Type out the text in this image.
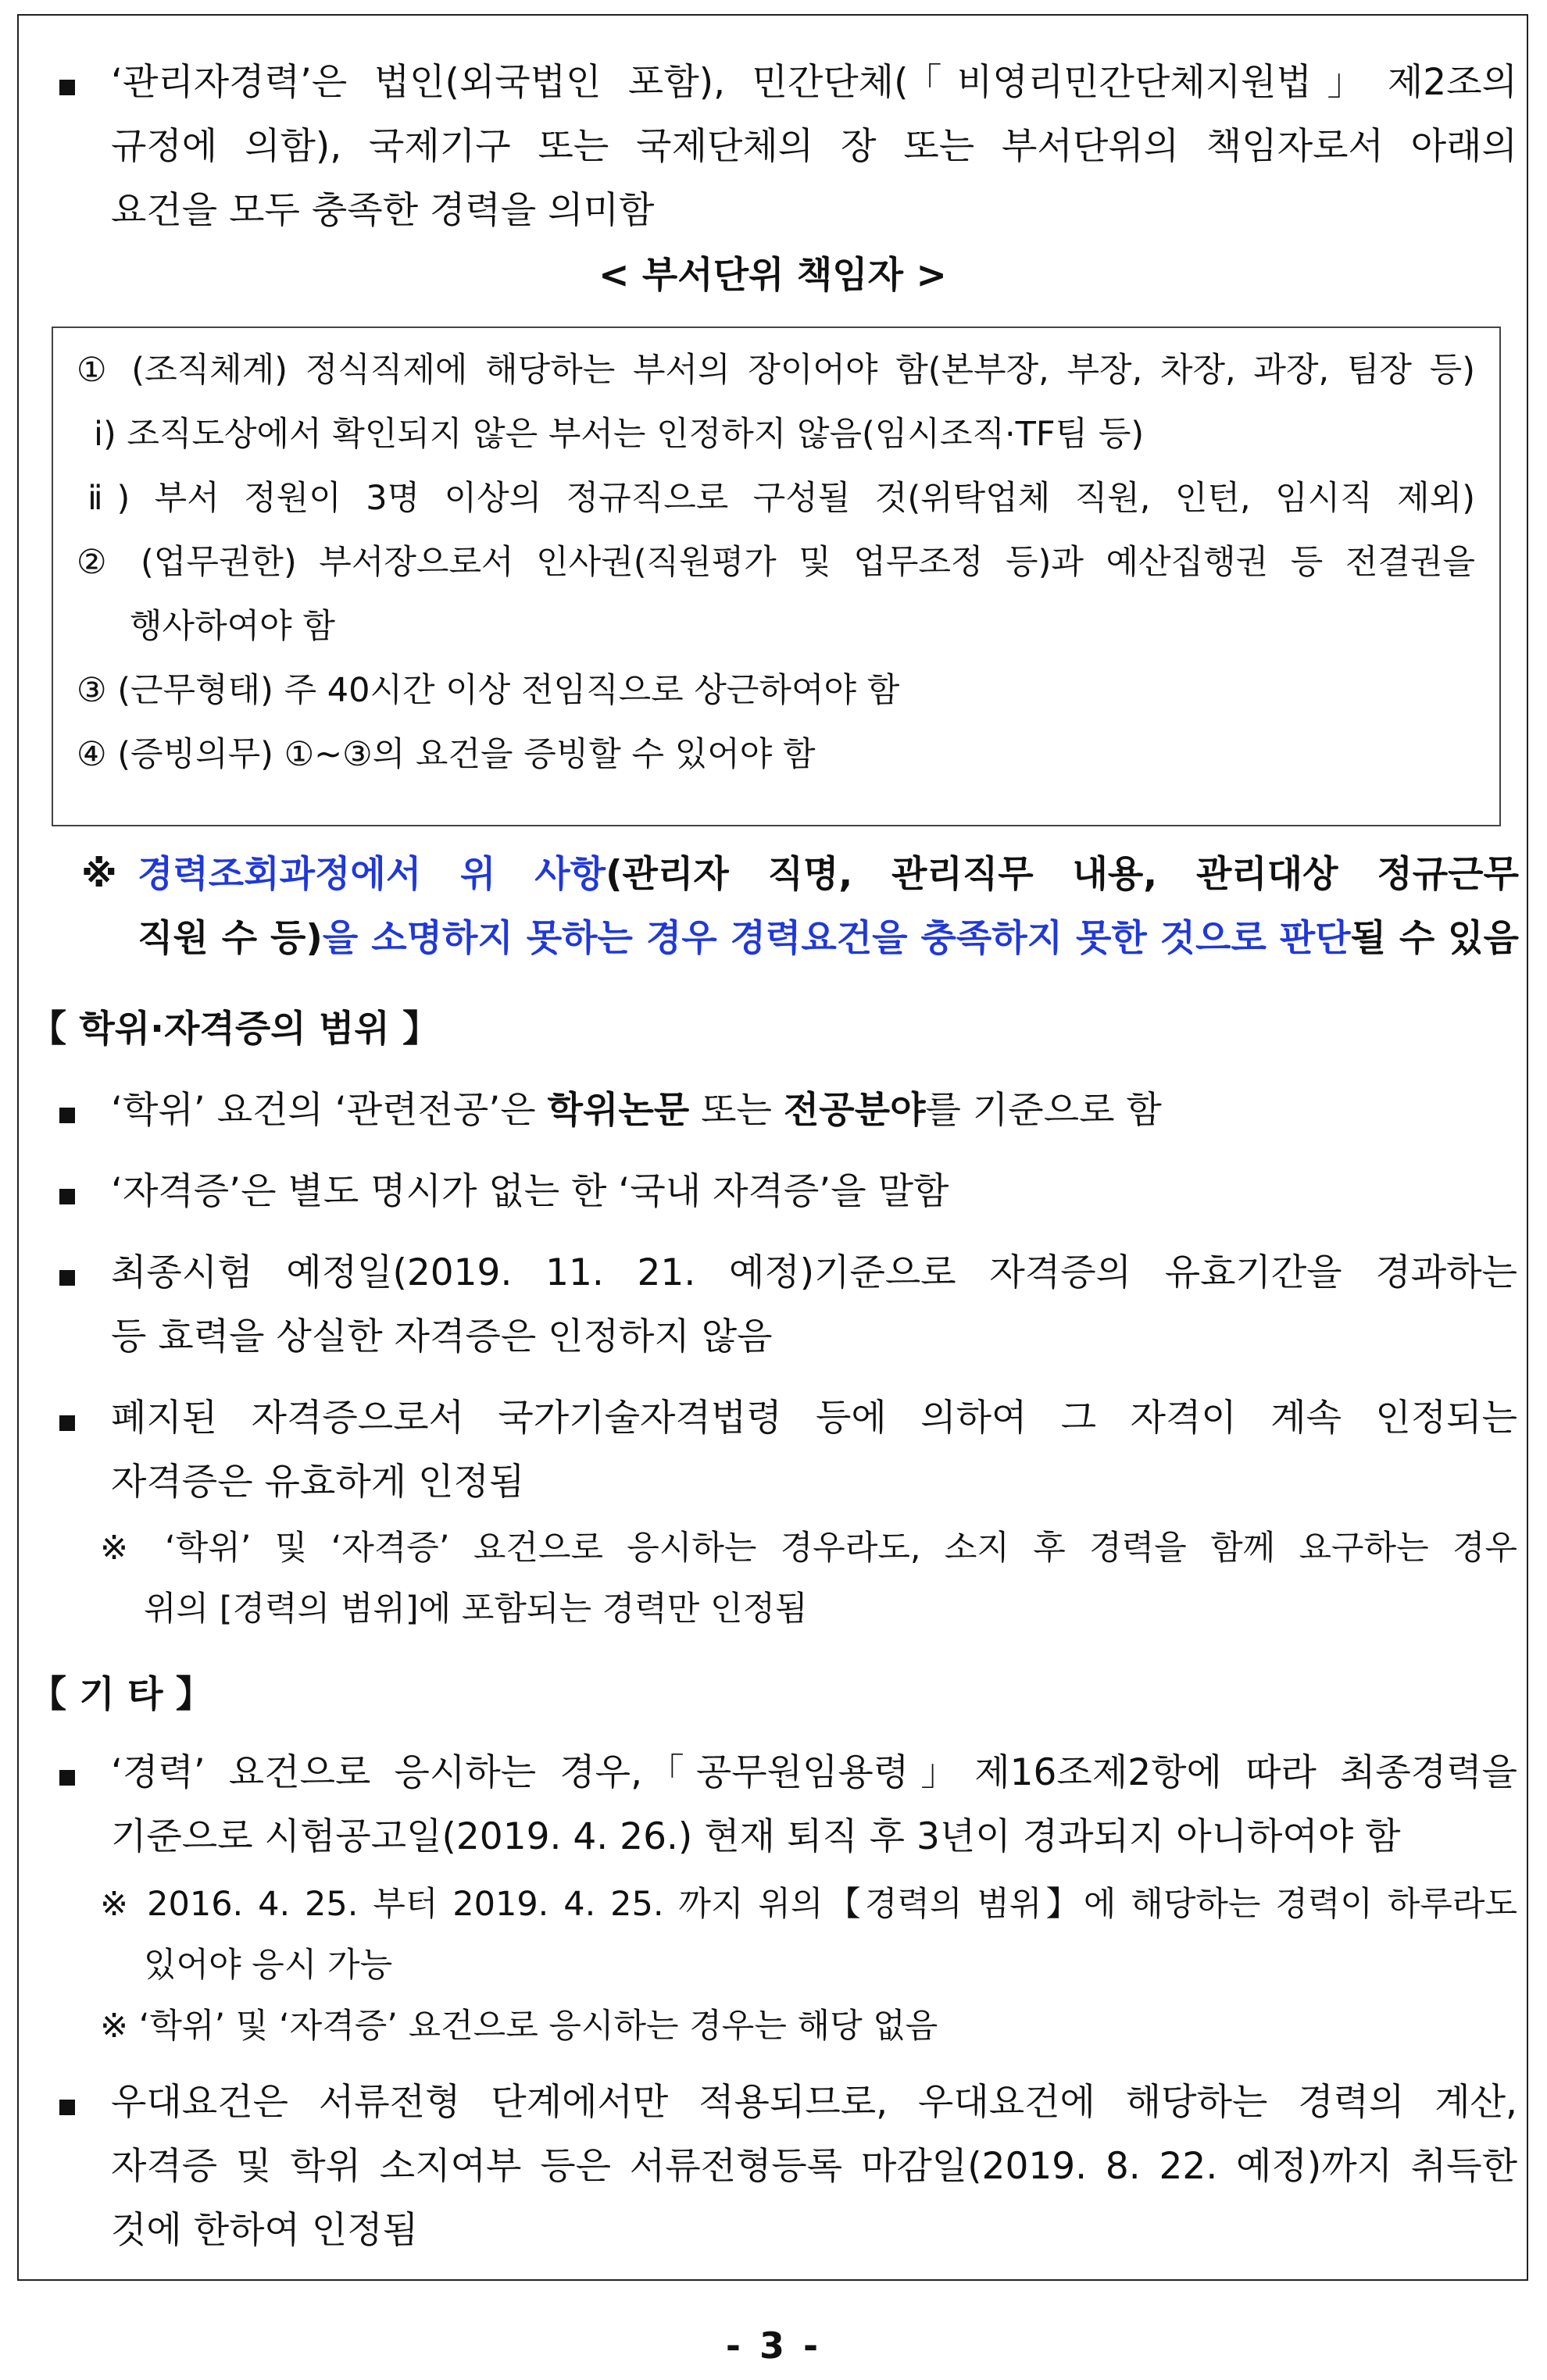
‘관리자경력’은 법인(외국법인 포함), 민간단체(｢비영리민간단체지원법｣ 제2조의
규정에 의함), 국제기구 또는 국제단체의 장 또는 부서단위의 책임자로서 아래의
요건을 모두 충족한 경력을 의미함
< 부서단위 책임자 >
① (조직체계) 정식직제에 해당하는 부서의 장이어야 함(본부장, 부장, 차장, 과장, 팀장 등)
ⅰ) 조직도상에서 확인되지 않은 부서는 인정하지 않음(임시조직·TF팀 등)
ⅱ) 부서 정원이 3명 이상의 정규직으로 구성될 것(위탁업체 직원, 인턴, 임시직 제외)
② (업무권한) 부서장으로서 인사권(직원평가 및 업무조정 등)과 예산집행권 등 전결권을
행사하여야 함
③ (근무형태) 주 40시간 이상 전임직으로 상근하여야 함
④ (증빙의무) ①~③의 요건을 증빙할 수 있어야 함
※ 경력조회과정에서 위 사항(관리자 직명, 관리직무 내용, 관리대상 정규근무
직원 수 등)을 소명하지 못하는 경우 경력요건을 충족하지 못한 것으로 판단될 수 있음
【 학위·자격증의 범위 】
‘학위’ 요건의 ‘관련전공’은 학위논문 또는 전공분야를 기준으로 함
‘자격증’은 별도 명시가 없는 한 ‘국내 자격증’을 말함
최종시험 예정일(2019. 11. 21. 예정)기준으로 자격증의 유효기간을 경과하는
등 효력을 상실한 자격증은 인정하지 않음
폐지된 자격증으로서 국가기술자격법령 등에 의하여 그 자격이 계속 인정되는
자격증은 유효하게 인정됨
※ ‘학위’ 및 ‘자격증’ 요건으로 응시하는 경우라도, 소지 후 경력을 함께 요구하는 경우
위의 [경력의 범위]에 포함되는 경력만 인정됨
【 기 타 】
‘경력’ 요건으로 응시하는 경우, ｢공무원임용령｣ 제16조제2항에 따라 최종경력을
기준으로 시험공고일(2019. 4. 26.) 현재 퇴직 후 3년이 경과되지 아니하여야 함
※ 2016. 4. 25. 부터 2019. 4. 25. 까지 위의【경력의 범위】에 해당하는 경력이 하루라도
있어야 응시 가능
※ ‘학위’ 및 ‘자격증’ 요건으로 응시하는 경우는 해당 없음
우대요건은 서류전형 단계에서만 적용되므로, 우대요건에 해당하는 경력의 계산,
자격증 및 학위 소지여부 등은 서류전형등록 마감일(2019. 8. 22. 예정)까지 취득한
것에 한하여 인정됨
- 3 -
